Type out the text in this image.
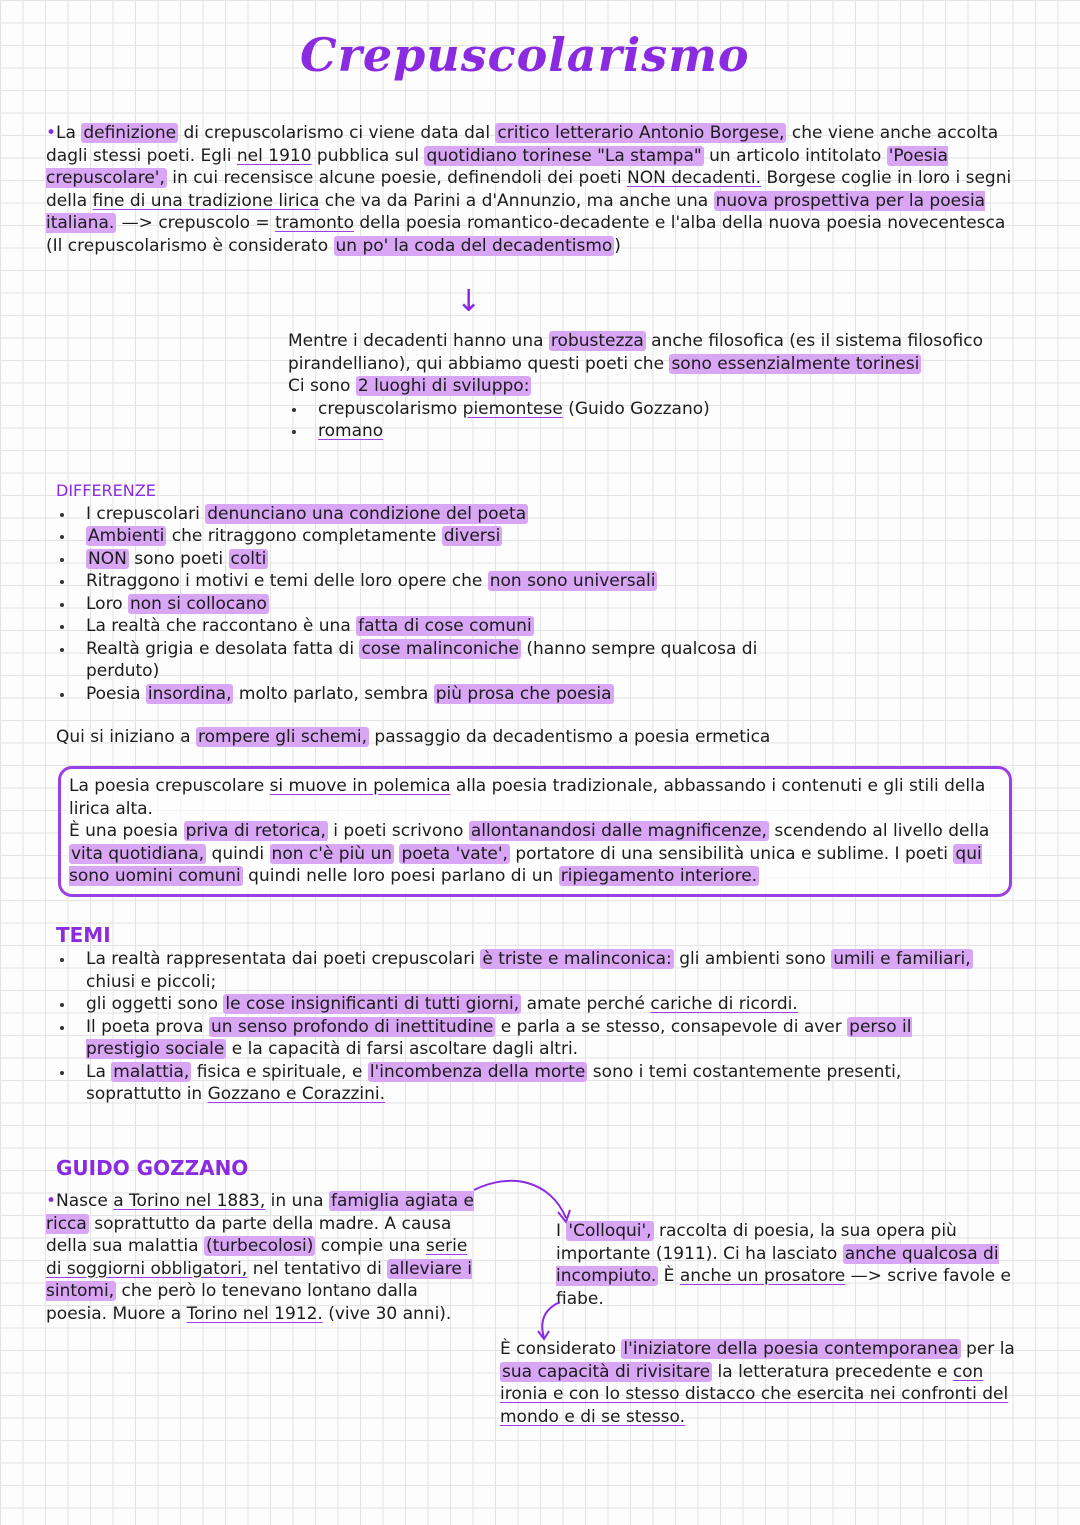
Crepuscolarismo
•La definizione di crepuscolarismo ci viene data dal critico letterario Antonio Borgese, che viene anche accolta dagli stessi poeti. Egli nel 1910 pubblica sul quotidiano torinese "La stampa" un articolo intitolato 'Poesia crepuscolare', in cui recensisce alcune poesie, definendoli dei poeti NON decadenti. Borgese coglie in loro i segni della fine di una tradizione lirica che va da Parini a d'Annunzio, ma anche una nuova prospettiva per la poesia italiana. —> crepuscolo = tramonto della poesia romantico-decadente e l'alba della nuova poesia novecentesca
(Il crepuscolarismo è considerato un po' la coda del decadentismo )
↓
Mentre i decadenti hanno una robustezza anche filosofica (es il sistema filosofico pirandelliano), qui abbiamo questi poeti che sono essenzialmente torinesi
Ci sono 2 luoghi di sviluppo:
crepuscolarismo piemontese (Guido Gozzano)
romano
DIFFERENZE
I crepuscolari denunciano una condizione del poeta
Ambienti che ritraggono completamente diversi
NON sono poeti colti
Ritraggono i motivi e temi delle loro opere che non sono universali
Loro non si collocano
La realtà che raccontano è una fatta di cose comuni
Realtà grigia e desolata fatta di cose malinconiche (hanno sempre qualcosa di perduto)
Poesia insordina, molto parlato, sembra più prosa che poesia
Qui si iniziano a rompere gli schemi, passaggio da decadentismo a poesia ermetica
La poesia crepuscolare si muove in polemica alla poesia tradizionale, abbassando i contenuti e gli stili della lirica alta.
È una poesia priva di retorica, i poeti scrivono allontanandosi dalle magnificenze, scendendo al livello della vita quotidiana, quindi non c'è più un poeta 'vate', portatore di una sensibilità unica e sublime. I poeti qui sono uomini comuni quindi nelle loro poesi parlano di un ripiegamento interiore.
TEMI
La realtà rappresentata dai poeti crepuscolari è triste e malinconica: gli ambienti sono umili e familiari, chiusi e piccoli;
gli oggetti sono le cose insignificanti di tutti giorni, amate perché cariche di ricordi.
Il poeta prova un senso profondo di inettitudine e parla a se stesso, consapevole di aver perso il prestigio sociale e la capacità di farsi ascoltare dagli altri.
La malattia, fisica e spirituale, e l'incombenza della morte sono i temi costantemente presenti, soprattutto in Gozzano e Corazzini.
GUIDO GOZZANO
•Nasce a Torino nel 1883, in una famiglia agiata e ricca soprattutto da parte della madre. A causa della sua malattia (turbecolosi) compie una serie di soggiorni obbligatori, nel tentativo di alleviare i sintomi, che però lo tenevano lontano dalla poesia. Muore a Torino nel 1912. (vive 30 anni).
I 'Colloqui', raccolta di poesia, la sua opera più importante (1911). Ci ha lasciato anche qualcosa di incompiuto. È anche un prosatore —> scrive favole e fiabe.
È considerato l'iniziatore della poesia contemporanea per la sua capacità di rivisitare la letteratura precedente e con ironia e con lo stesso distacco che esercita nei confronti del mondo e di se stesso.
